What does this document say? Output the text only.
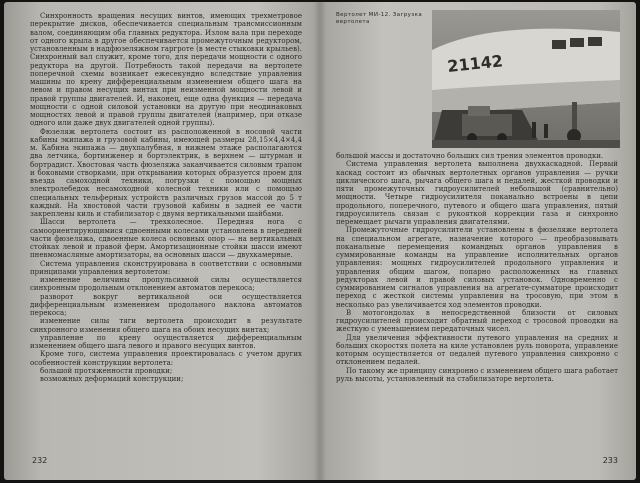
Синхронность вращения несущих винтов, имеющих трехметровое перекрытие дисков, обеспечивается специальным трансмиссионным валом, соединяющим оба главных редуктора. Излом вала при переходе от одного крыла в другое обеспечивается промежуточным редуктором, установленным в надфюзеляжном гаргроте (в месте стыковки крыльев). Синхронный вал служит, кроме того, для передачи мощности с одного редуктора на другой. Потребность такой передачи на вертолете поперечной схемы возникает ежесекундно вследствие управления машины по крену дифференциальным изменением общего шага на левом и правом несущих винтах при неизменной мощности левой и правой группы двигателей. И, наконец, еще одна функция — передача мощности с одной силовой установки на другую при неодинаковых мощностях левой и правой группы двигателей (например, при отказе одного или даже двух двигателей одной группы).

Фюзеляж вертолета состоит из расположенной в носовой части кабины экипажа и грузовой кабины, имеющей размеры 28,15×4,4×4,4 м. Кабина экипажа — двухпалубная, в нижнем этаже располагаются два летчика, бортинженер и бортэлектрик, в верхнем — штурман и бортрадист. Хвостовая часть фюзеляжа заканчивается силовым трапом и боковыми створками, при открывании которых образуется проем для въезда самоходной техники, погрузки с помощью мощных электролебедок несамоходной колесной техники или с помощью специальных тельферных устройств различных грузов массой до 5 т каждый. На хвостовой части грузовой кабины в задней ее части закреплены киль и стабилизатор с двумя вертикальными шайбами.

Шасси вертолета — трехколесное. Передняя нога с самоориентирующимися сдвоенными колесами установлена в передней части фюзеляжа, сдвоенные колеса основных опор — на вертикальных стойках левой и правой ферм. Амортизационные стойки шасси имеют пневмомасляные амортизаторы, на основных шасси — двухкамерные.

Система управления сконструирована в соответствии с основными принципами управления вертолетом:

изменение величины пропульсивной силы осуществляется синхронным продольным отклонением автоматов перекоса;

разворот вокруг вертикальной оси осуществляется дифференциальным изменением продольного наклона автоматов перекоса;

изменение силы тяги вертолета происходит в результате синхронного изменения общего шага на обоих несущих винтах;

управление по крену осуществляется дифференциальным изменением общего шага левого и правого несущих винтов.

Кроме того, система управления проектировалась с учетом других особенностей конструкции вертолета:

большой протяженности проводки;

возможных деформаций конструкции;

232
Вертолет МИ-12. Загрузка вертолета
21142

большой массы и достаточно больших сил трения элементов проводки.

Система управления вертолета выполнена двухкаскадной. Первый каскад состоит из обычных вертолетных органов управления — ручки циклического шага, рычага общего шага и педалей, жесткой проводки и пяти промежуточных гидроусилителей небольшой (сравнительно) мощности. Четыре гидроусилителя поканально встроены в цепи продольного, поперечного, путевого и общего шага управления, пятый гидроусилитель связан с рукояткой коррекции газа и синхронно перемещает рычаги управления двигателями.

Промежуточные гидроусилители установлены в фюзеляже вертолета на специальном агрегате, назначение которого — преобразовывать поканальные перемещения командных органов управления в суммированные команды на управление исполнительных органов управления: мощных гидроусилителей продольного управления и управления общим шагом, попарно расположенных на главных редукторах левой и правой силовых установок. Одновременно с суммированием сигналов управления на агрегате-сумматоре происходит переход с жесткой системы управления на тросовую, при этом в несколько раз увеличивается ход элементов проводки.

В мотогондолах в непосредственной близости от силовых гидроусилителей происходит обратный переход с тросовой проводки на жесткую с уменьшением передаточных чисел.

Для увеличения эффективности путевого управления на средних и больших скоростях полета на киле установлен руль поворота, управление которым осуществляется от педалей путевого управления синхронно с отклонением педалей.

По такому же принципу синхронно с изменением общего шага работает руль высоты, установленный на стабилизаторе вертолета.

233
